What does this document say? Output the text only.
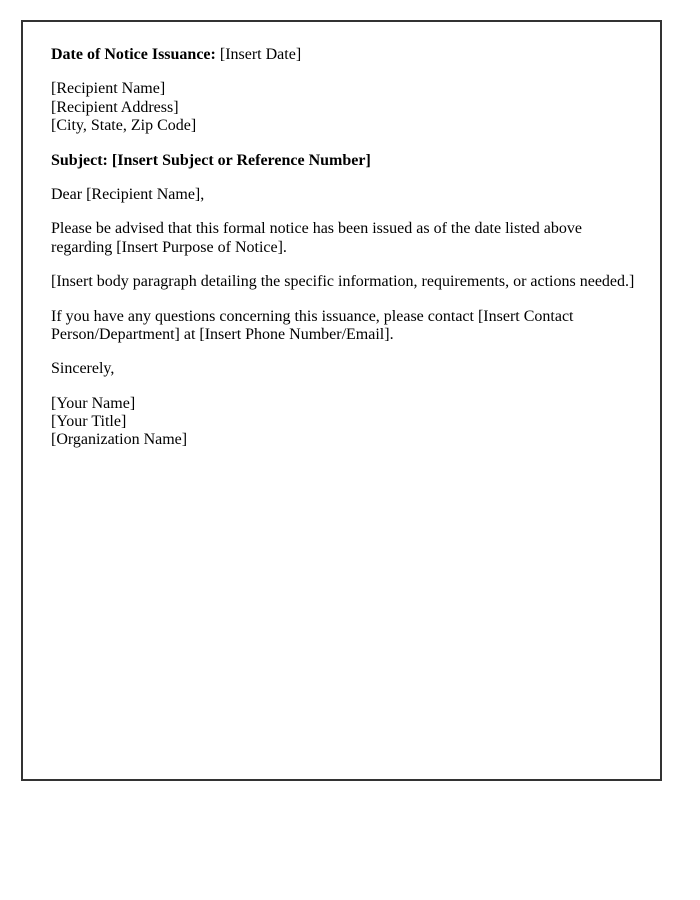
Date of Notice Issuance: [Insert Date]

[Recipient Name]
[Recipient Address]
[City, State, Zip Code]

Subject: [Insert Subject or Reference Number]

Dear [Recipient Name],

Please be advised that this formal notice has been issued as of the date listed above regarding [Insert Purpose of Notice].

[Insert body paragraph detailing the specific information, requirements, or actions needed.]

If you have any questions concerning this issuance, please contact [Insert Contact Person/Department] at [Insert Phone Number/Email].

Sincerely,

[Your Name]
[Your Title]
[Organization Name]
